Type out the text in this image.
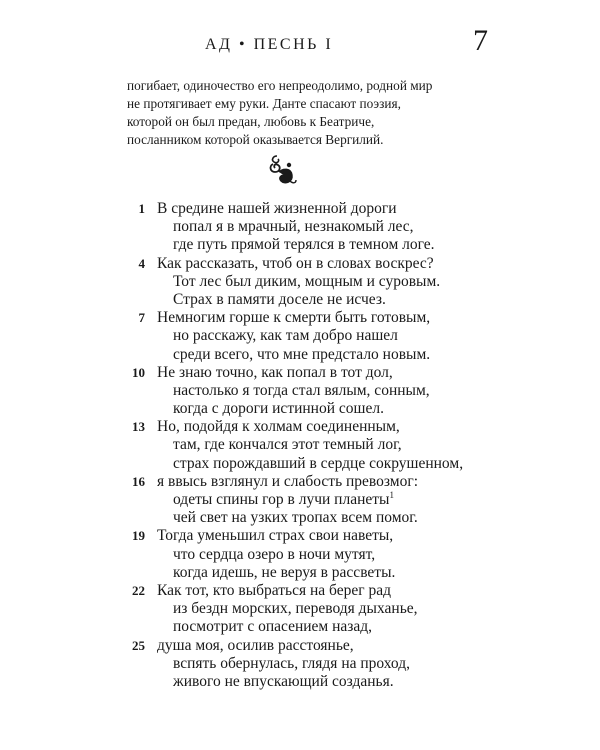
АД • ПЕСНЬ I	7
погибает, одиночество его непреодолимо, родной мир
не протягивает ему руки. Данте спасают поэзия,
которой он был предан, любовь к Беатриче,
посланником которой оказывается Вергилий.
1 В средине нашей жизненной дороги
попал я в мрачный, незнакомый лес,
где путь прямой терялся в темном логе.
4 Как рассказать, чтоб он в словах воскрес?
Тот лес был диким, мощным и суровым.
Страх в памяти доселе не исчез.
7 Немногим горше к смерти быть готовым,
но расскажу, как там добро нашел
среди всего, что мне предстало новым.
10 Не знаю точно, как попал в тот дол,
настолько я тогда стал вялым, сонным,
когда с дороги истинной сошел.
13 Но, подойдя к холмам соединенным,
там, где кончался этот темный лог,
страх порождавший в сердце сокрушенном,
16 я ввысь взглянул и слабость превозмог:
одеты спины гор в лучи планеты$^1$
чей свет на узких тропах всем помог.
19 Тогда уменьшил страх свои наветы,
что сердца озеро в ночи мутят,
когда идешь, не веруя в рассветы.
22 Как тот, кто выбраться на берег рад
из бездн морских, переводя дыханье,
посмотрит с опасением назад,
25 душа моя, осилив расстоянье,
вспять обернулась, глядя на проход,
живого не впускающий созданья.
